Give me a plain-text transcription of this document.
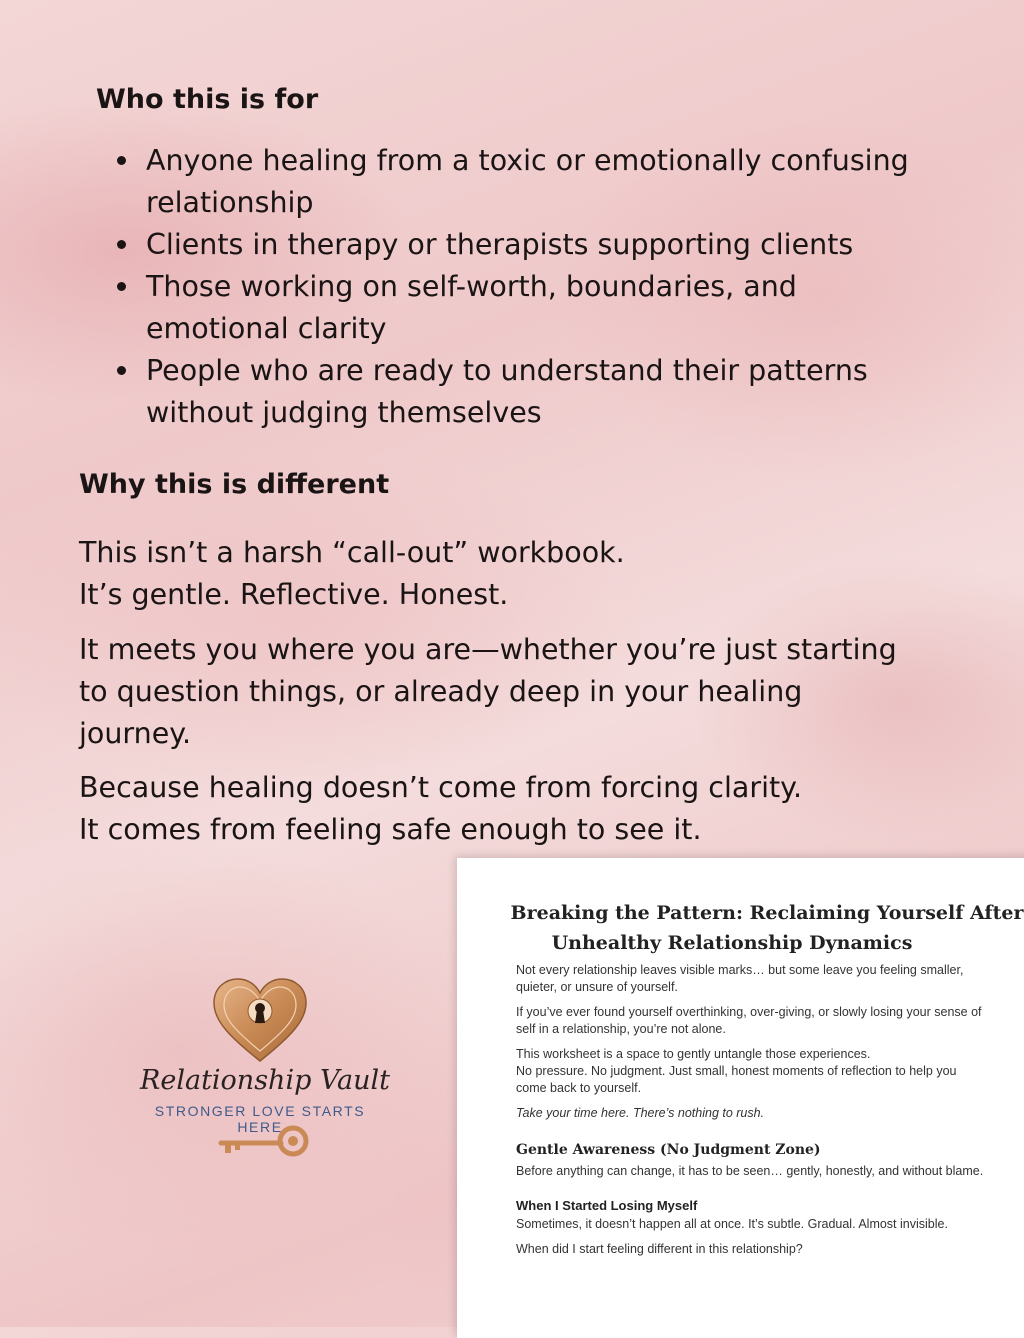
Who this is for
Anyone healing from a toxic or emotionally confusing
relationship
Clients in therapy or therapists supporting clients
Those working on self-worth, boundaries, and
emotional clarity
People who are ready to understand their patterns
without judging themselves
Why this is different

This isn’t a harsh “call-out” workbook.
It’s gentle. Reflective. Honest.

It meets you where you are—whether you’re just starting
to question things, or already deep in your healing
journey.

Because healing doesn’t come from forcing clarity.
It comes from feeling safe enough to see it.

Relationship Vault
STRONGER LOVE STARTS HERE
Breaking the Pattern: Reclaiming Yourself After
Unhealthy Relationship Dynamics
Not every relationship leaves visible marks… but some leave you feeling smaller,
quieter, or unsure of yourself.
If you’ve ever found yourself overthinking, over-giving, or slowly losing your sense of
self in a relationship, you’re not alone.
This worksheet is a space to gently untangle those experiences.
No pressure. No judgment. Just small, honest moments of reflection to help you
come back to yourself.
Take your time here. There’s nothing to rush.
Gentle Awareness (No Judgment Zone)
Before anything can change, it has to be seen… gently, honestly, and without blame.
When I Started Losing Myself
Sometimes, it doesn’t happen all at once. It’s subtle. Gradual. Almost invisible.
When did I start feeling different in this relationship?
